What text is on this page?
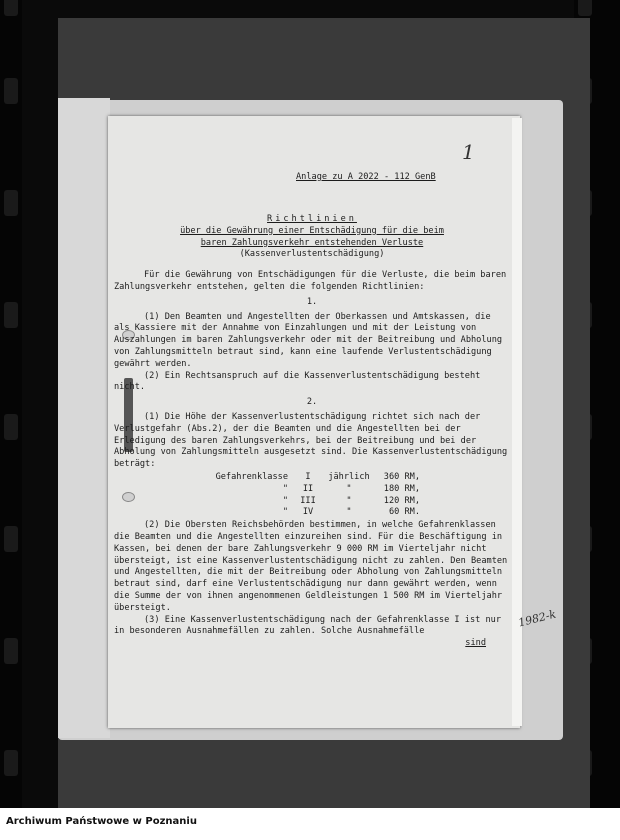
1
Anlage zu A 2022 - 112 GenB
1982-k

Richtlinien

über die Gewährung einer Entschädigung für die beim

baren Zahlungsverkehr entstehenden Verluste

(Kassenverlustentschädigung)

Für die Gewährung von Entschädigungen für die Verluste, die beim baren Zahlungsverkehr entstehen, gelten die folgenden Richtlinien:

1.

(1) Den Beamten und Angestellten der Oberkassen und Amtskassen, die als Kassiere mit der Annahme von Einzahlungen und mit der Leistung von Auszahlungen im baren Zahlungsverkehr oder mit der Beitreibung und Abholung von Zahlungsmitteln betraut sind, kann eine laufende Verlustentschädigung gewährt werden.

(2) Ein Rechtsanspruch auf die Kassenverlustentschädigung besteht nicht.

2.

(1) Die Höhe der Kassenverlustentschädigung richtet sich nach der Verlustgefahr (Abs.2), der die Beamten und die Angestellten bei der Erledigung des baren Zahlungsverkehrs, bei der Beitreibung und bei der Abholung von Zahlungsmitteln ausgesetzt sind. Die Kassenverlustentschädigung beträgt:

Gefahrenklasse	I	jährlich	360 RM,
"	II	"	180 RM,
"	III	"	120 RM,
"	IV	"	60 RM.

(2) Die Obersten Reichsbehörden bestimmen, in welche Gefahrenklassen die Beamten und die Angestellten einzureihen sind. Für die Beschäftigung in Kassen, bei denen der bare Zahlungsverkehr 9 000 RM im Vierteljahr nicht übersteigt, ist eine Kassenverlustentschädigung nicht zu zahlen. Den Beamten und Angestellten, die mit der Beitreibung oder Abholung von Zahlungsmitteln betraut sind, darf eine Verlustentschädigung nur dann gewährt werden, wenn die Summe der von ihnen angenommenen Geldleistungen 1 500 RM im Vierteljahr übersteigt.

(3) Eine Kassenverlustentschädigung nach der Gefahrenklasse I ist nur in besonderen Ausnahmefällen zu zahlen. Solche Ausnahmefälle

sind

Archiwum Państwowe w Poznaniu
